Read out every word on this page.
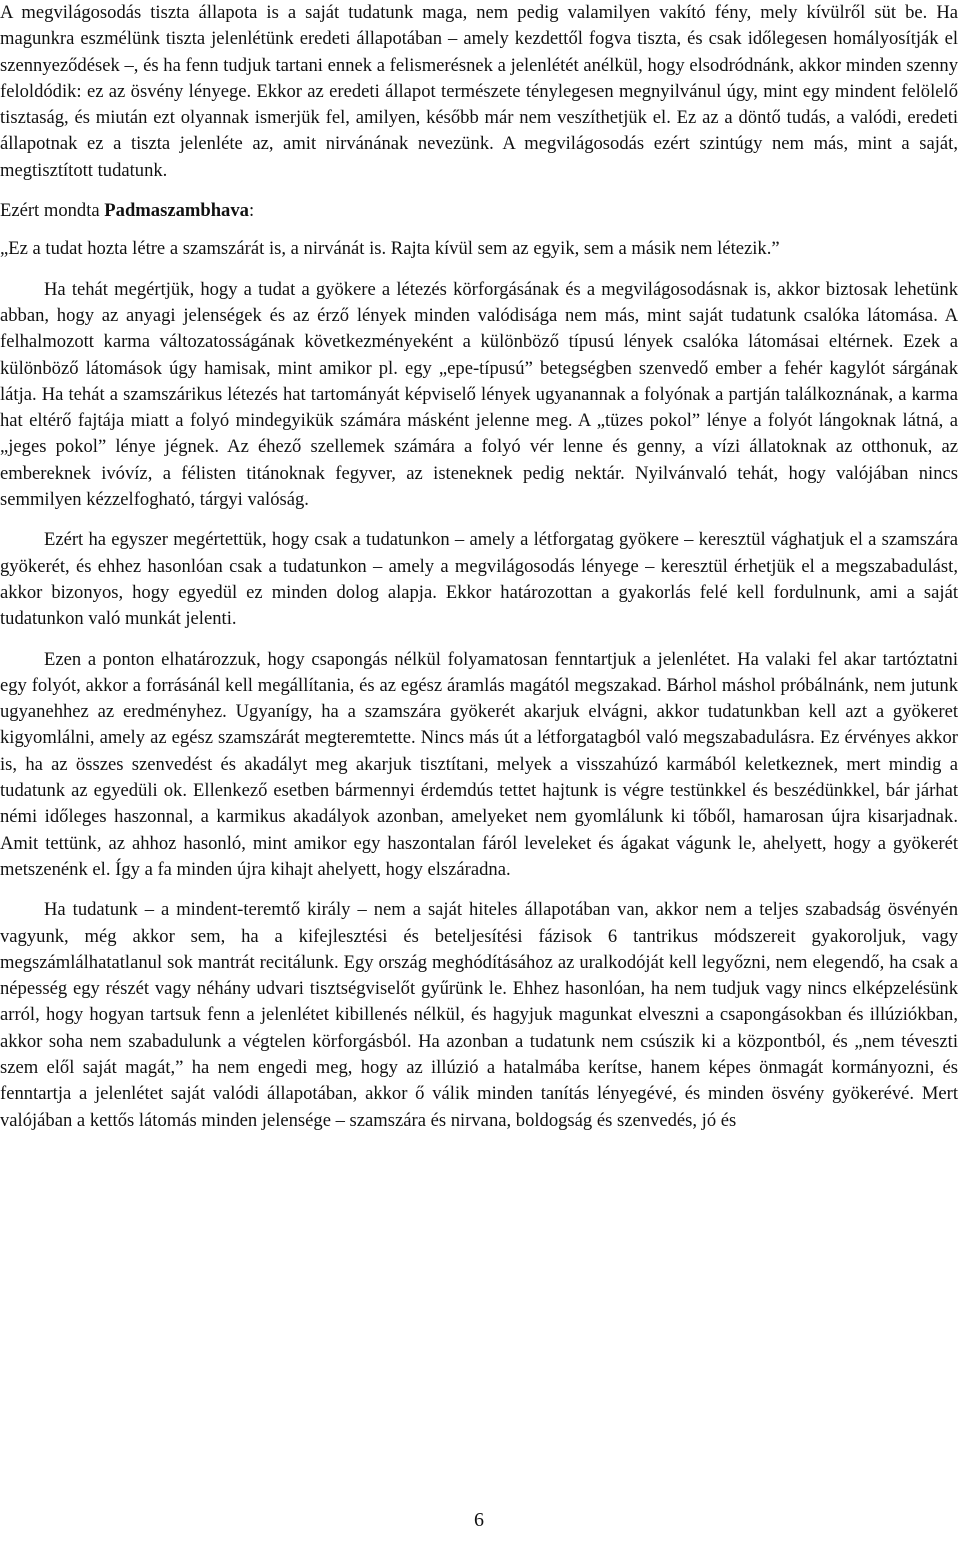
A megvilágosodás tiszta állapota is a saját tudatunk maga, nem pedig valamilyen vakító fény, mely kívülről süt be. Ha magunkra eszmélünk tiszta jelenlétünk eredeti állapotában – amely kezdettől fogva tiszta, és csak időlegesen homályosítják el szennyeződések –, és ha fenn tudjuk tartani ennek a felismerésnek a jelenlétét anélkül, hogy elsodródnánk, akkor minden szenny feloldódik: ez az ösvény lényege. Ekkor az eredeti állapot természete ténylegesen megnyilvánul úgy, mint egy mindent felölelő tisztaság, és miután ezt olyannak ismerjük fel, amilyen, később már nem veszíthetjük el. Ez az a döntő tudás, a valódi, eredeti állapotnak ez a tiszta jelenléte az, amit nirvánának nevezünk. A megvilágosodás ezért szintúgy nem más, mint a saját, megtisztított tudatunk.

Ezért mondta Padmaszambhava:

„Ez a tudat hozta létre a szamszárát is, a nirvánát is. Rajta kívül sem az egyik, sem a másik nem létezik.”

Ha tehát megértjük, hogy a tudat a gyökere a létezés körforgásának és a megvilágosodásnak is, akkor biztosak lehetünk abban, hogy az anyagi jelenségek és az érző lények minden valódisága nem más, mint saját tudatunk csalóka látomása. A felhalmozott karma változatosságának következményeként a különböző típusú lények csalóka látomásai eltérnek. Ezek a különböző látomások úgy hamisak, mint amikor pl. egy „epe-típusú” betegségben szenvedő ember a fehér kagylót sárgának látja. Ha tehát a szamszárikus létezés hat tartományát képviselő lények ugyanannak a folyónak a partján találkoznának, a karma hat eltérő fajtája miatt a folyó mindegyikük számára másként jelenne meg. A „tüzes pokol” lénye a folyót lángoknak látná, a „jeges pokol” lénye jégnek. Az éhező szellemek számára a folyó vér lenne és genny, a vízi állatoknak az otthonuk, az embereknek ivóvíz, a félisten titánoknak fegyver, az isteneknek pedig nektár. Nyilvánvaló tehát, hogy valójában nincs semmilyen kézzelfogható, tárgyi valóság.

Ezért ha egyszer megértettük, hogy csak a tudatunkon – amely a létforgatag gyökere – keresztül vághatjuk el a szamszára gyökerét, és ehhez hasonlóan csak a tudatunkon – amely a megvilágosodás lényege – keresztül érhetjük el a megszabadulást, akkor bizonyos, hogy egyedül ez minden dolog alapja. Ekkor határozottan a gyakorlás felé kell fordulnunk, ami a saját tudatunkon való munkát jelenti.

Ezen a ponton elhatározzuk, hogy csapongás nélkül folyamatosan fenntartjuk a jelenlétet. Ha valaki fel akar tartóztatni egy folyót, akkor a forrásánál kell megállítania, és az egész áramlás magától megszakad. Bárhol máshol próbálnánk, nem jutunk ugyanehhez az eredményhez. Ugyanígy, ha a szamszára gyökerét akarjuk elvágni, akkor tudatunkban kell azt a gyökeret kigyomlálni, amely az egész szamszárát megteremtette. Nincs más út a létforgatagból való megszabadulásra. Ez érvényes akkor is, ha az összes szenvedést és akadályt meg akarjuk tisztítani, melyek a visszahúzó karmából keletkeznek, mert mindig a tudatunk az egyedüli ok. Ellenkező esetben bármennyi érdemdús tettet hajtunk is végre testünkkel és beszédünkkel, bár járhat némi időleges haszonnal, a karmikus akadályok azonban, amelyeket nem gyomlálunk ki tőből, hamarosan újra kisarjadnak. Amit tettünk, az ahhoz hasonló, mint amikor egy haszontalan fáról leveleket és ágakat vágunk le, ahelyett, hogy a gyökerét metszenénk el. Így a fa minden újra kihajt ahelyett, hogy elszáradna.

Ha tudatunk – a mindent-teremtő király – nem a saját hiteles állapotában van, akkor nem a teljes szabadság ösvényén vagyunk, még akkor sem, ha a kifejlesztési és beteljesítési fázisok 6 tantrikus módszereit gyakoroljuk, vagy megszámlálhatatlanul sok mantrát recitálunk. Egy ország meghódításához az uralkodóját kell legyőzni, nem elegendő, ha csak a népesség egy részét vagy néhány udvari tisztségviselőt gyűrünk le. Ehhez hasonlóan, ha nem tudjuk vagy nincs elképzelésünk arról, hogy hogyan tartsuk fenn a jelenlétet kibillenés nélkül, és hagyjuk magunkat elveszni a csapongásokban és illúziókban, akkor soha nem szabadulunk a végtelen körforgásból. Ha azonban a tudatunk nem csúszik ki a központból, és „nem téveszti szem elől saját magát,” ha nem engedi meg, hogy az illúzió a hatalmába kerítse, hanem képes önmagát kormányozni, és fenntartja a jelenlétet saját valódi állapotában, akkor ő válik minden tanítás lényegévé, és minden ösvény gyökerévé. Mert valójában a kettős látomás minden jelensége – szamszára és nirvana, boldogság és szenvedés, jó és

6
